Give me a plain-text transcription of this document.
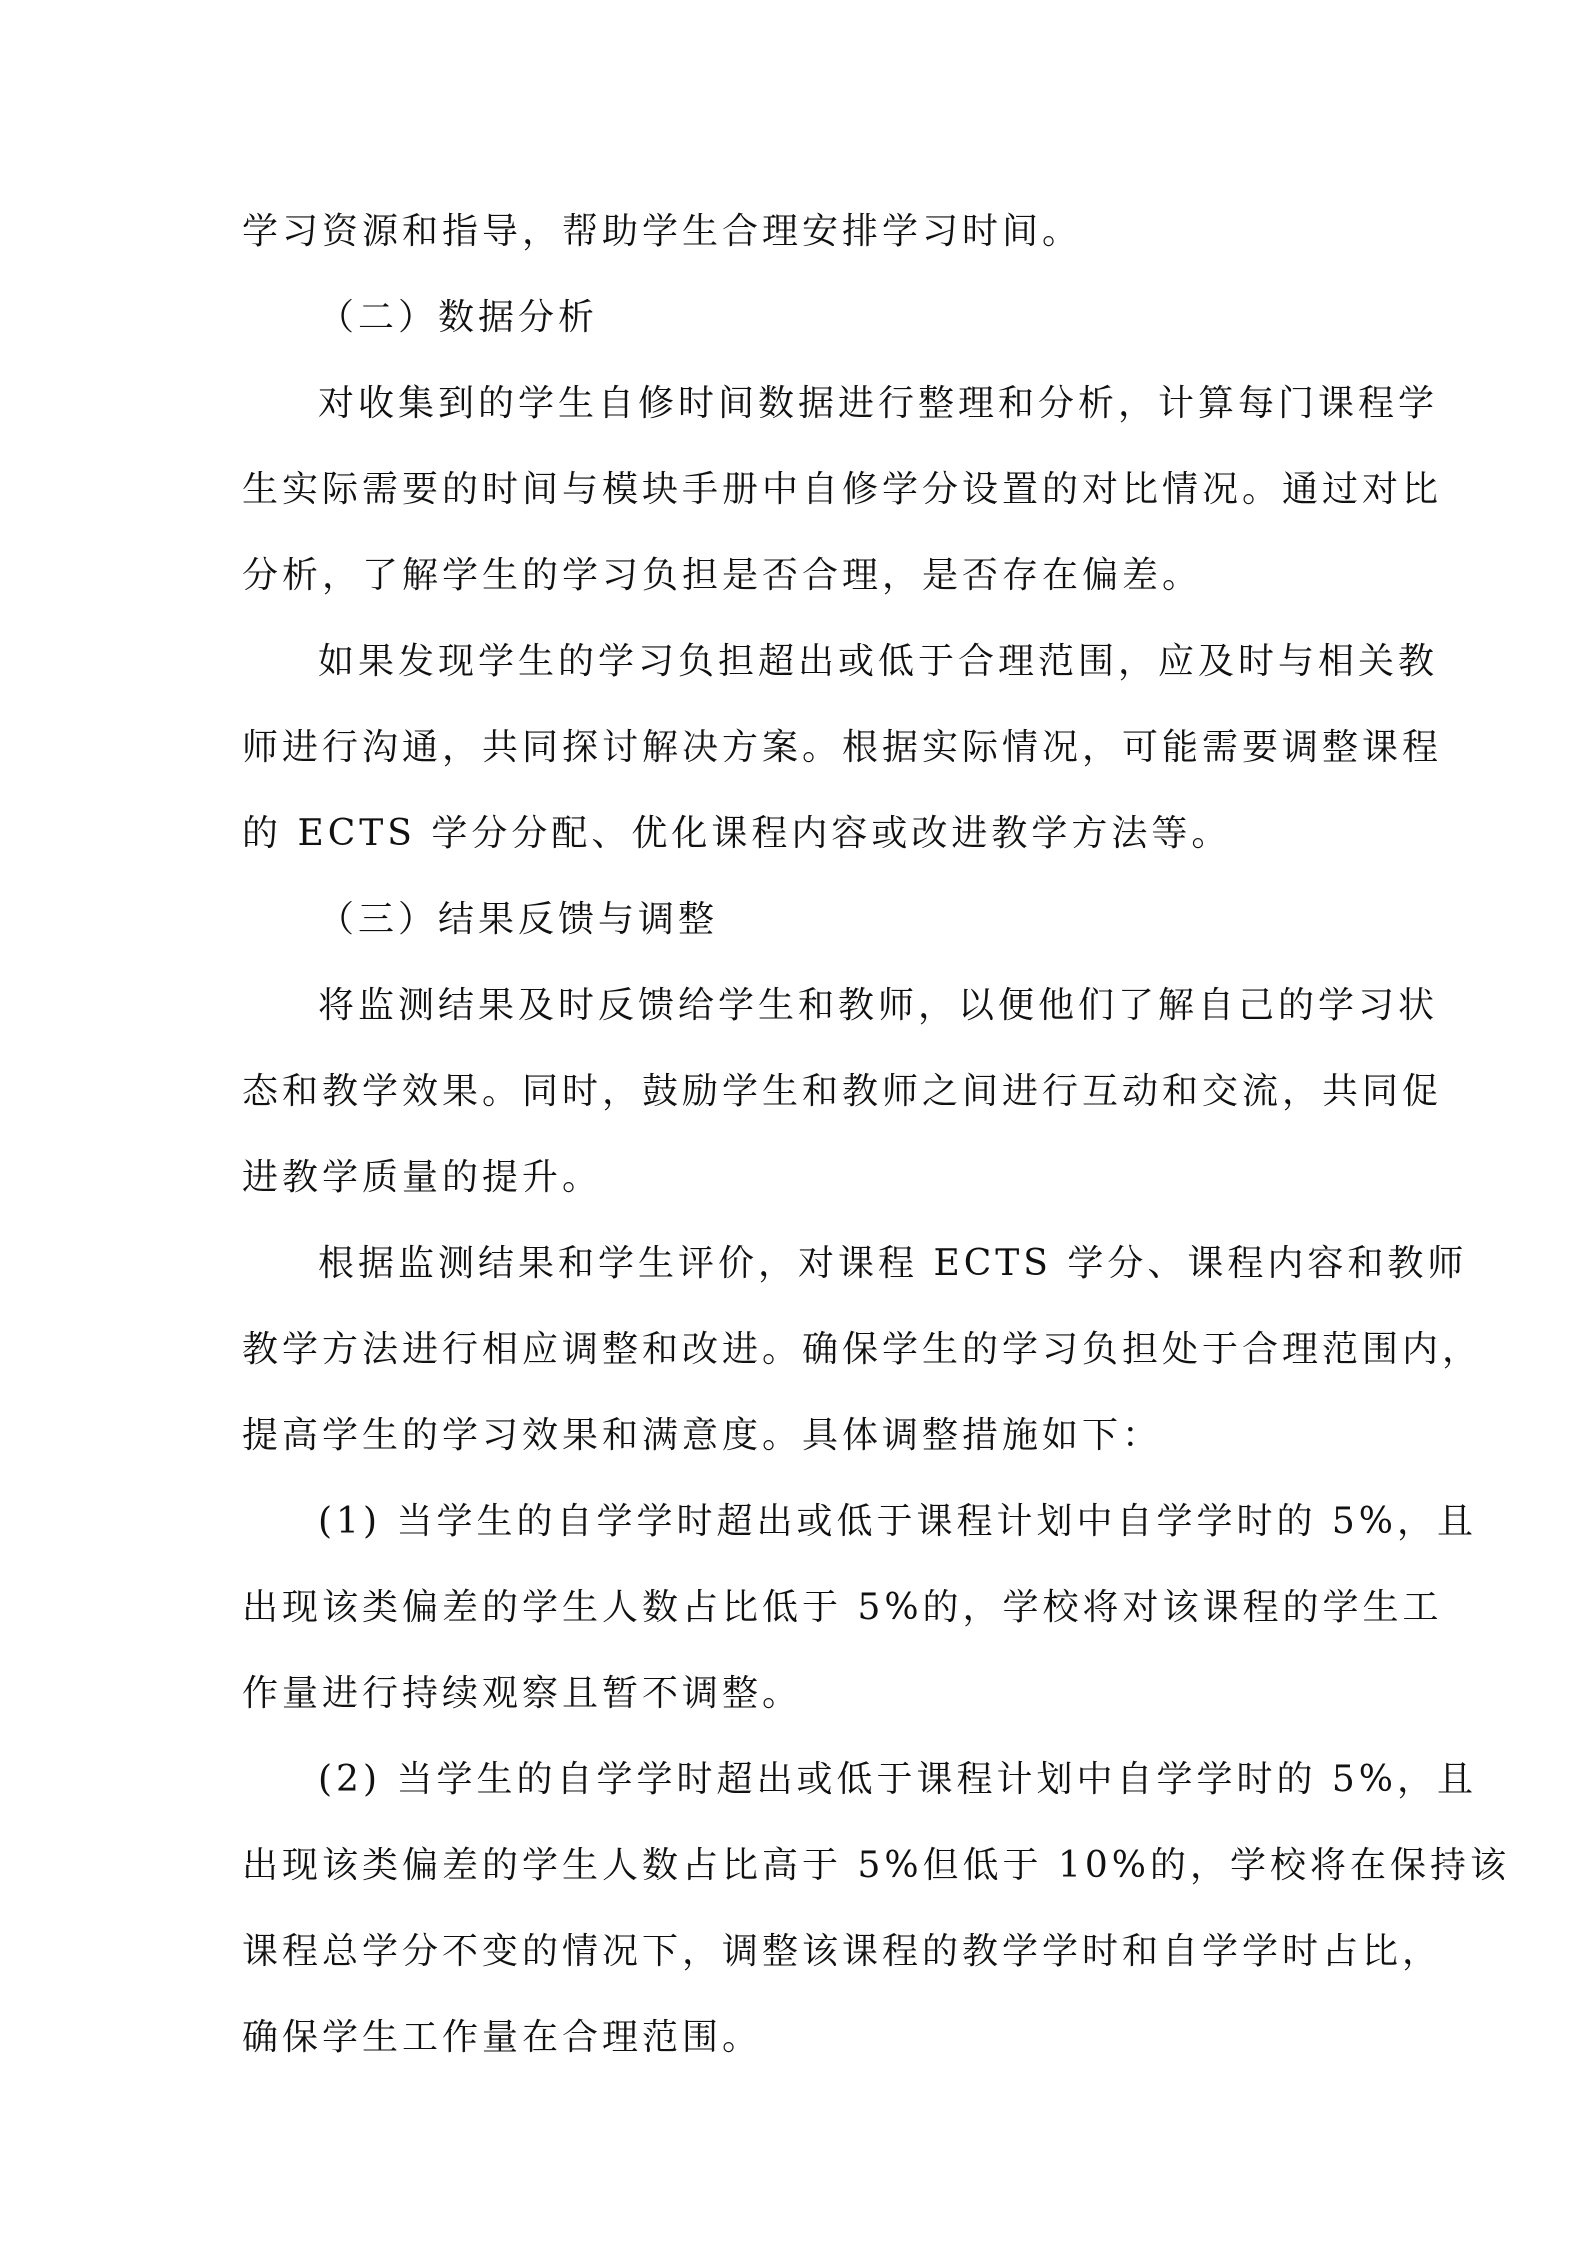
学习资源和指导，帮助学生合理安排学习时间。
（二）数据分析
对收集到的学生自修时间数据进行整理和分析，计算每门课程学
生实际需要的时间与模块手册中自修学分设置的对比情况。通过对比
分析，了解学生的学习负担是否合理，是否存在偏差。
如果发现学生的学习负担超出或低于合理范围，应及时与相关教
师进行沟通，共同探讨解决方案。根据实际情况，可能需要调整课程
的 ECTS 学分分配、优化课程内容或改进教学方法等。
（三）结果反馈与调整
将监测结果及时反馈给学生和教师，以便他们了解自己的学习状
态和教学效果。同时，鼓励学生和教师之间进行互动和交流，共同促
进教学质量的提升。
根据监测结果和学生评价，对课程 ECTS 学分、课程内容和教师
教学方法进行相应调整和改进。确保学生的学习负担处于合理范围内，
提高学生的学习效果和满意度。具体调整措施如下：
(1) 当学生的自学学时超出或低于课程计划中自学学时的 5%，且
出现该类偏差的学生人数占比低于 5%的，学校将对该课程的学生工
作量进行持续观察且暂不调整。
(2) 当学生的自学学时超出或低于课程计划中自学学时的 5%，且
出现该类偏差的学生人数占比高于 5%但低于 10%的，学校将在保持该
课程总学分不变的情况下，调整该课程的教学学时和自学学时占比，
确保学生工作量在合理范围。
